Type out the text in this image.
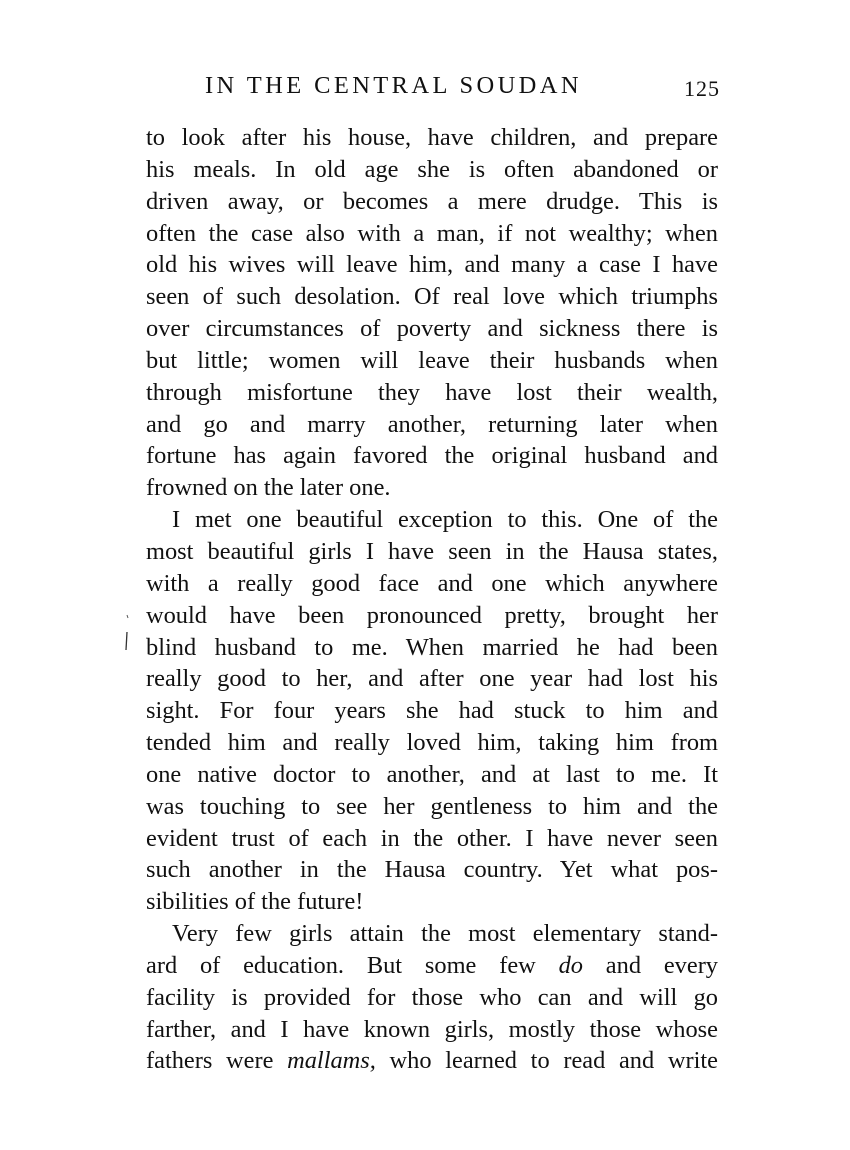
IN THE CENTRAL SOUDAN	125
to look after his house, have children, and prepare
his meals. In old age she is often abandoned or
driven away, or becomes a mere drudge. This is
often the case also with a man, if not wealthy; when
old his wives will leave him, and many a case I have
seen of such desolation. Of real love which triumphs
over circumstances of poverty and sickness there is
but little; women will leave their husbands when
through misfortune they have lost their wealth,
and go and marry another, returning later when
fortune has again favored the original husband and
frowned on the later one.
I met one beautiful exception to this. One of the
most beautiful girls I have seen in the Hausa states,
with a really good face and one which anywhere
would have been pronounced pretty, brought her
blind husband to me. When married he had been
really good to her, and after one year had lost his
sight. For four years she had stuck to him and
tended him and really loved him, taking him from
one native doctor to another, and at last to me. It
was touching to see her gentleness to him and the
evident trust of each in the other. I have never seen
such another in the Hausa country. Yet what pos-
sibilities of the future!
Very few girls attain the most elementary stand-
ard of education. But some few do and every
facility is provided for those who can and will go
farther, and I have known girls, mostly those whose
fathers were mallams, who learned to read and write
